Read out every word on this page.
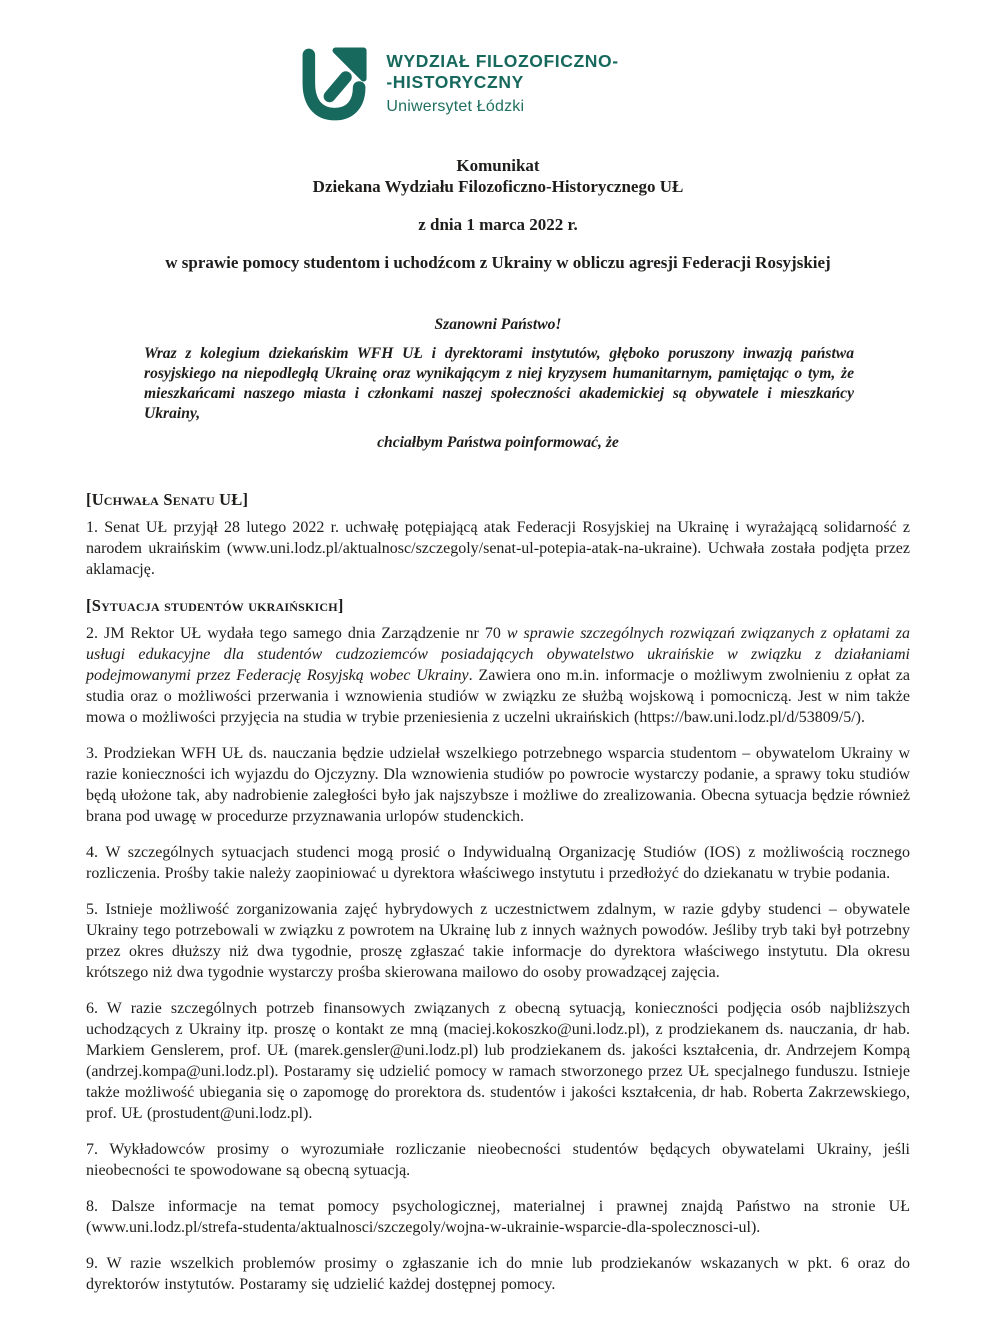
WYDZIAŁ FILOZOFICZNO-
-HISTORYCZNY
Uniwersytet Łódzki

Komunikat

Dziekana Wydziału Filozoficzno-Historycznego UŁ

z dnia 1 marca 2022 r.

w sprawie pomocy studentom i uchodźcom z Ukrainy w obliczu agresji Federacji Rosyjskiej

Szanowni Państwo!

Wraz z kolegium dziekańskim WFH UŁ i dyrektorami instytutów, głęboko poruszony inwazją państwa rosyjskiego na niepodległą Ukrainę oraz wynikającym z niej kryzysem humanitarnym, pamiętając o tym, że mieszkańcami naszego miasta i członkami naszej społeczności akademickiej są obywatele i mieszkańcy Ukrainy,

chciałbym Państwa poinformować, że

[Uchwała Senatu UŁ]

1. Senat UŁ przyjął 28 lutego 2022 r. uchwałę potępiającą atak Federacji Rosyjskiej na Ukrainę i wyrażającą solidarność z narodem ukraińskim (www.uni.lodz.pl/aktualnosc/szczegoly/senat-ul-potepia-atak-na-ukraine). Uchwała została podjęta przez aklamację.

[Sytuacja studentów ukraińskich]

2. JM Rektor UŁ wydała tego samego dnia Zarządzenie nr 70 w sprawie szczególnych rozwiązań związanych z opłatami za usługi edukacyjne dla studentów cudzoziemców posiadających obywatelstwo ukraińskie w związku z działaniami podejmowanymi przez Federację Rosyjską wobec Ukrainy. Zawiera ono m.in. informacje o możliwym zwolnieniu z opłat za studia oraz o możliwości przerwania i wznowienia studiów w związku ze służbą wojskową i pomocniczą. Jest w nim także mowa o możliwości przyjęcia na studia w trybie przeniesienia z uczelni ukraińskich (https://baw.uni.lodz.pl/d/53809/5/).

3. Prodziekan WFH UŁ ds. nauczania będzie udzielał wszelkiego potrzebnego wsparcia studentom – obywatelom Ukrainy w razie konieczności ich wyjazdu do Ojczyzny. Dla wznowienia studiów po powrocie wystarczy podanie, a sprawy toku studiów będą ułożone tak, aby nadrobienie zaległości było jak najszybsze i możliwe do zrealizowania. Obecna sytuacja będzie również brana pod uwagę w procedurze przyznawania urlopów studenckich.

4. W szczególnych sytuacjach studenci mogą prosić o Indywidualną Organizację Studiów (IOS) z możliwością rocznego rozliczenia. Prośby takie należy zaopiniować u dyrektora właściwego instytutu i przedłożyć do dziekanatu w trybie podania.

5. Istnieje możliwość zorganizowania zajęć hybrydowych z uczestnictwem zdalnym, w razie gdyby studenci – obywatele Ukrainy tego potrzebowali w związku z powrotem na Ukrainę lub z innych ważnych powodów. Jeśliby tryb taki był potrzebny przez okres dłuższy niż dwa tygodnie, proszę zgłaszać takie informacje do dyrektora właściwego instytutu. Dla okresu krótszego niż dwa tygodnie wystarczy prośba skierowana mailowo do osoby prowadzącej zajęcia.

6. W razie szczególnych potrzeb finansowych związanych z obecną sytuacją, konieczności podjęcia osób najbliższych uchodzących z Ukrainy itp. proszę o kontakt ze mną (maciej.kokoszko@uni.lodz.pl), z prodziekanem ds. nauczania, dr hab. Markiem Genslerem, prof. UŁ (marek.gensler@uni.lodz.pl) lub prodziekanem ds. jakości kształcenia, dr. Andrzejem Kompą (andrzej.kompa@uni.lodz.pl). Postaramy się udzielić pomocy w ramach stworzonego przez UŁ specjalnego funduszu. Istnieje także możliwość ubiegania się o zapomogę do prorektora ds. studentów i jakości kształcenia, dr hab. Roberta Zakrzewskiego, prof. UŁ (prostudent@uni.lodz.pl).

7. Wykładowców prosimy o wyrozumiałe rozliczanie nieobecności studentów będących obywatelami Ukrainy, jeśli nieobecności te spowodowane są obecną sytuacją.

8. Dalsze informacje na temat pomocy psychologicznej, materialnej i prawnej znajdą Państwo na stronie UŁ (www.uni.lodz.pl/strefa-studenta/aktualnosci/szczegoly/wojna-w-ukrainie-wsparcie-dla-spolecznosci-ul).

9. W razie wszelkich problemów prosimy o zgłaszanie ich do mnie lub prodziekanów wskazanych w pkt. 6 oraz do dyrektorów instytutów. Postaramy się udzielić każdej dostępnej pomocy.
